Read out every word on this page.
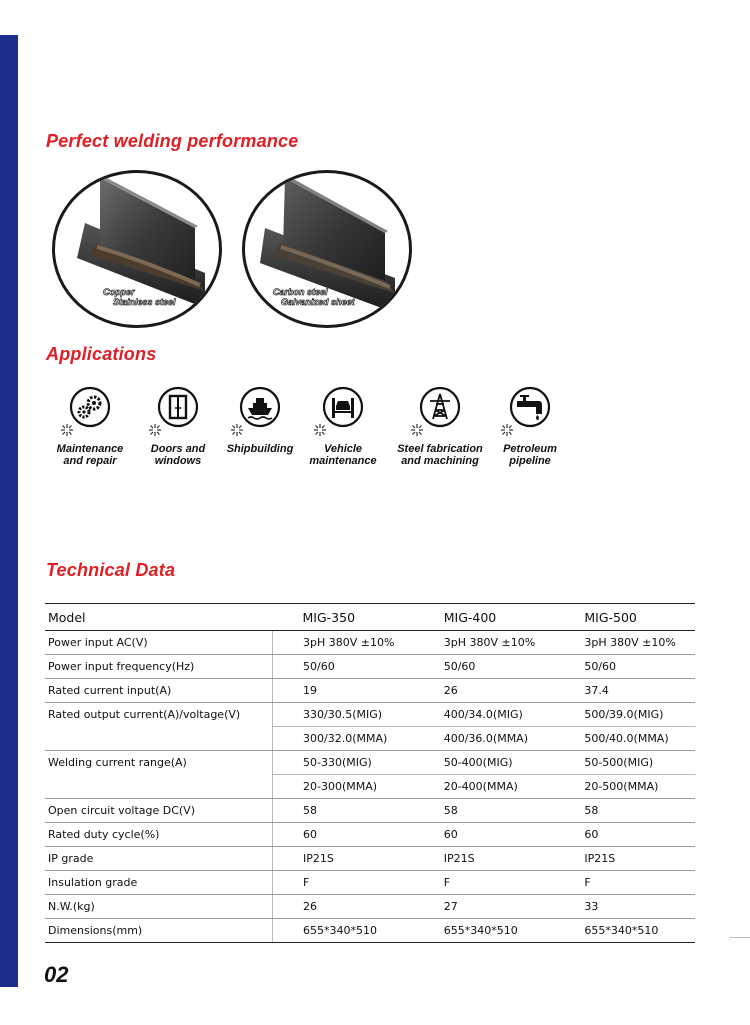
Perfect welding performance
Copper
Stainless steel
Carbon steel
Galvanized sheet
Applications
Maintenance and repair
Doors and windows
Shipbuilding	Vehicle maintenance
Steel fabrication and machining
Petroleum pipeline
Technical Data
Model	MIG-350	MIG-400	MIG-500
Power input AC(V)	3pH 380V ±10%	3pH 380V ±10%	3pH 380V ±10%
Power input frequency(Hz)	50/60	50/60	50/60
Rated current input(A)	19	26	37.4
Rated output current(A)/voltage(V)	330/30.5(MIG)	400/34.0(MIG)	500/39.0(MIG)
	300/32.0(MMA)	400/36.0(MMA)	500/40.0(MMA)
Welding current range(A)	50-330(MIG)	50-400(MIG)	50-500(MIG)
	20-300(MMA)	20-400(MMA)	20-500(MMA)
Open circuit voltage DC(V)	58	58	58
Rated duty cycle(%)	60	60	60
IP grade	IP21S	IP21S	IP21S
Insulation grade	F	F	F
N.W.(kg)	26	27	33
Dimensions(mm)	655*340*510	655*340*510	655*340*510
02
